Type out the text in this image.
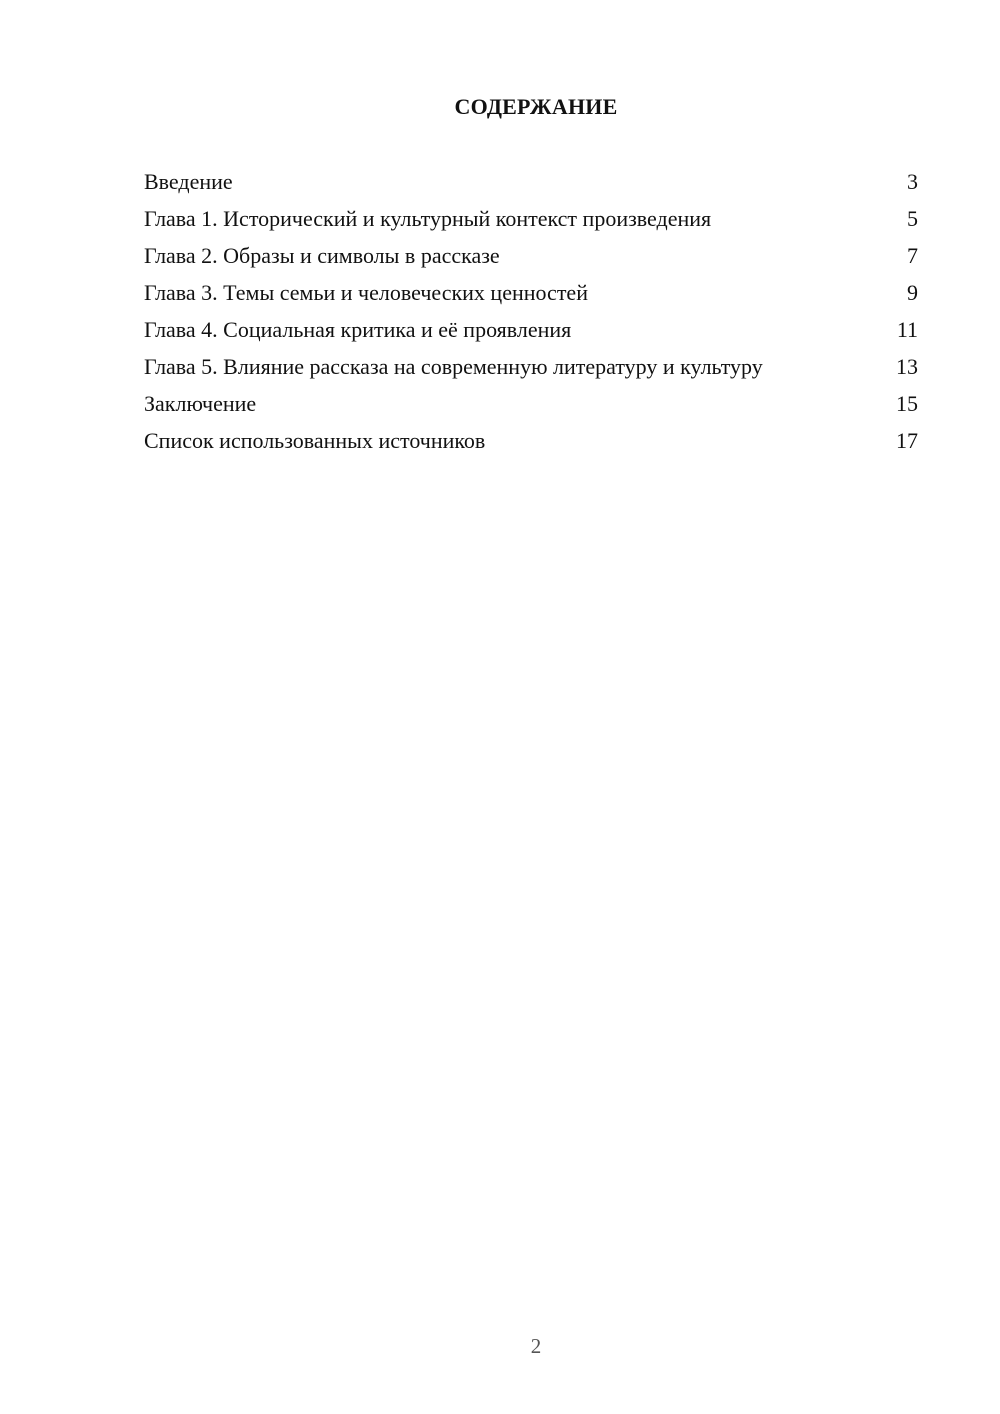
СОДЕРЖАНИЕ
Введение	3
Глава 1. Исторический и культурный контекст произведения	5
Глава 2. Образы и символы в рассказе	7
Глава 3. Темы семьи и человеческих ценностей	9
Глава 4. Социальная критика и её проявления	11
Глава 5. Влияние рассказа на современную литературу и культуру	13
Заключение	15
Список использованных источников	17
2
